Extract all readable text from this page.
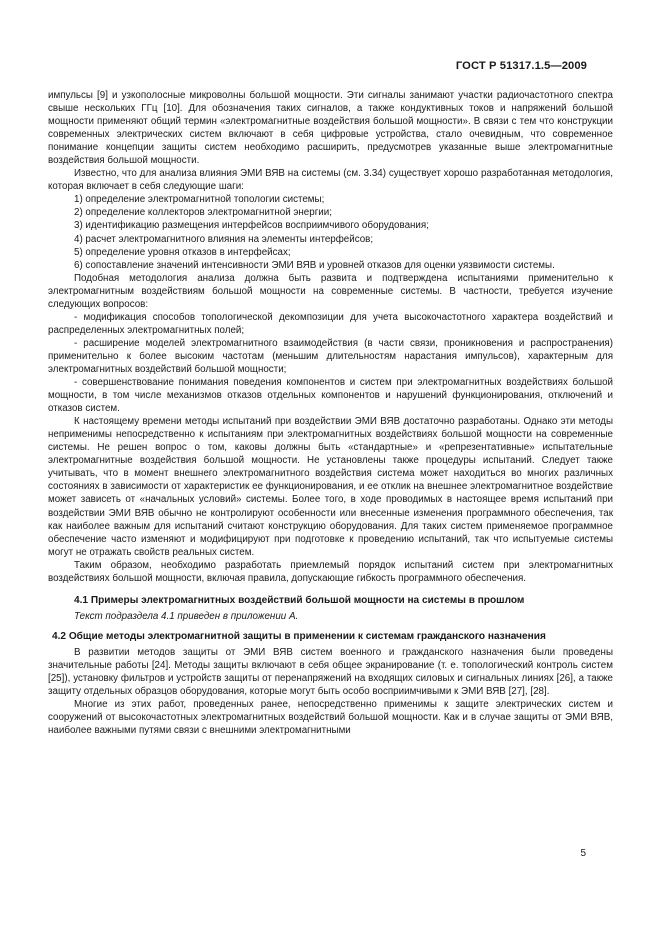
ГОСТ Р 51317.1.5—2009

импульсы [9] и узкополосные микроволны большой мощности. Эти сигналы занимают участки радиочастотного спектра свыше нескольких ГГц [10]. Для обозначения таких сигналов, а также кондуктивных токов и напряжений большой мощности применяют общий термин «электромагнитные воздействия большой мощности». В связи с тем что конструкции современных электрических систем включают в себя цифровые устройства, стало очевидным, что современное понимание концепции защиты систем необходимо расширить, предусмотрев указанные выше электромагнитные воздействия большой мощности.

Известно, что для анализа влияния ЭМИ ВЯВ на системы (см. 3.34) существует хорошо разработанная методология, которая включает в себя следующие шаги:

1) определение электромагнитной топологии системы;
2) определение коллекторов электромагнитной энергии;
3) идентификацию размещения интерфейсов восприимчивого оборудования;
4) расчет электромагнитного влияния на элементы интерфейсов;
5) определение уровня отказов в интерфейсах;
6) сопоставление значений интенсивности ЭМИ ВЯВ и уровней отказов для оценки уязвимости системы.

Подобная методология анализа должна быть развита и подтверждена испытаниями применительно к электромагнитным воздействиям большой мощности на современные системы. В частности, требуется изучение следующих вопросов:

- модификация способов топологической декомпозиции для учета высокочастотного характера воздействий и распределенных электромагнитных полей;
- расширение моделей электромагнитного взаимодействия (в части связи, проникновения и распространения) применительно к более высоким частотам (меньшим длительностям нарастания импульсов), характерным для электромагнитных воздействий большой мощности;
- совершенствование понимания поведения компонентов и систем при электромагнитных воздействиях большой мощности, в том числе механизмов отказов отдельных компонентов и нарушений функционирования, отключений и отказов систем.

К настоящему времени методы испытаний при воздействии ЭМИ ВЯВ достаточно разработаны. Однако эти методы неприменимы непосредственно к испытаниям при электромагнитных воздействиях большой мощности на современные системы. Не решен вопрос о том, каковы должны быть «стандартные» и «репрезентативные» испытательные электромагнитные воздействия большой мощности. Не установлены также процедуры испытаний. Следует также учитывать, что в момент внешнего электромагнитного воздействия система может находиться во многих различных состояниях в зависимости от характеристик ее функционирования, и ее отклик на внешнее электромагнитное воздействие может зависеть от «начальных условий» системы. Более того, в ходе проводимых в настоящее время испытаний при воздействии ЭМИ ВЯВ обычно не контролируют особенности или внесенные изменения программного обеспечения, так как наиболее важным для испытаний считают конструкцию оборудования. Для таких систем применяемое программное обеспечение часто изменяют и модифицируют при подготовке к проведению испытаний, так что испытуемые системы могут не отражать свойств реальных систем.

Таким образом, необходимо разработать приемлемый порядок испытаний систем при электромагнитных воздействиях большой мощности, включая правила, допускающие гибкость программного обеспечения.

4.1 Примеры электромагнитных воздействий большой мощности на системы в прошлом

Текст подраздела 4.1 приведен в приложении А.

4.2 Общие методы электромагнитной защиты в применении к системам гражданского назначения

В развитии методов защиты от ЭМИ ВЯВ систем военного и гражданского назначения были проведены значительные работы [24]. Методы защиты включают в себя общее экранирование (т. е. топологический контроль систем [25]), установку фильтров и устройств защиты от перенапряжений на входящих силовых и сигнальных линиях [26], а также защиту отдельных образцов оборудования, которые могут быть особо восприимчивыми к ЭМИ ВЯВ [27], [28].

Многие из этих работ, проведенных ранее, непосредственно применимы к защите электрических систем и сооружений от высокочастотных электромагнитных воздействий большой мощности. Как и в случае защиты от ЭМИ ВЯВ, наиболее важными путями связи с внешними электромагнитными

5
